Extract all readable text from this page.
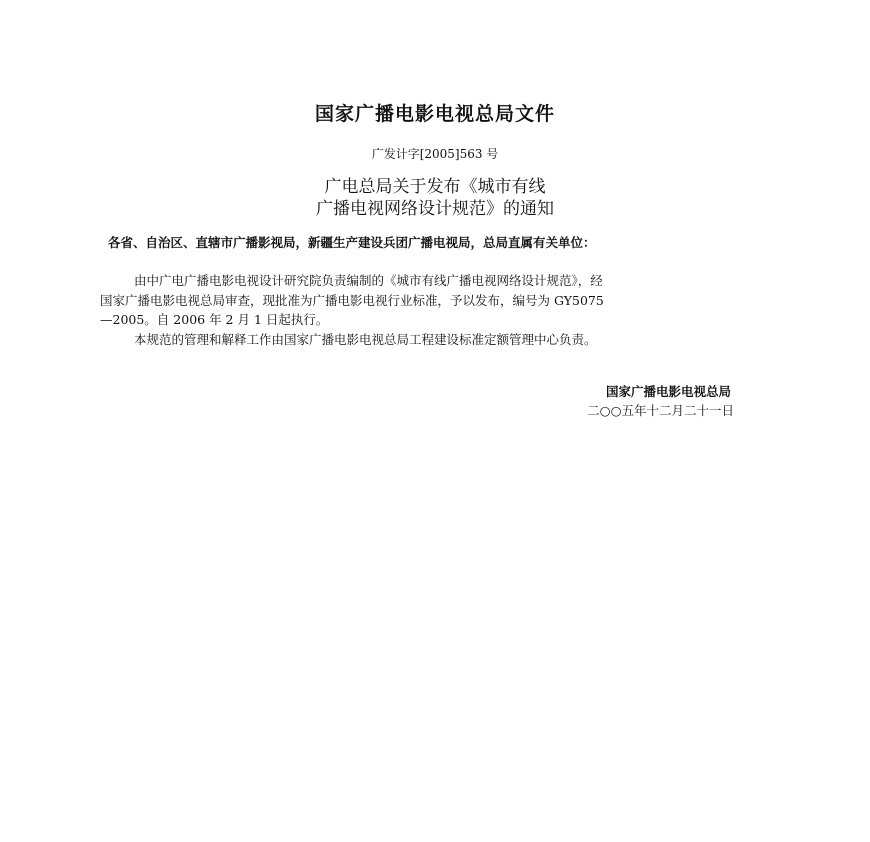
国家广播电影电视总局文件
广发计字[2005]563 号
广电总局关于发布《城市有线
广播电视网络设计规范》的通知
各省、自治区、直辖市广播影视局，新疆生产建设兵团广播电视局，总局直属有关单位：

由中广电广播电影电视设计研究院负责编制的《城市有线广播电视网络设计规范》，经

国家广播电影电视总局审查，现批准为广播电影电视行业标准，予以发布，编号为 GY5075

—2005。自 2006 年 2 月 1 日起执行。

本规范的管理和解释工作由国家广播电影电视总局工程建设标准定额管理中心负责。

国家广播电影电视总局
二○○五年十二月二十一日
